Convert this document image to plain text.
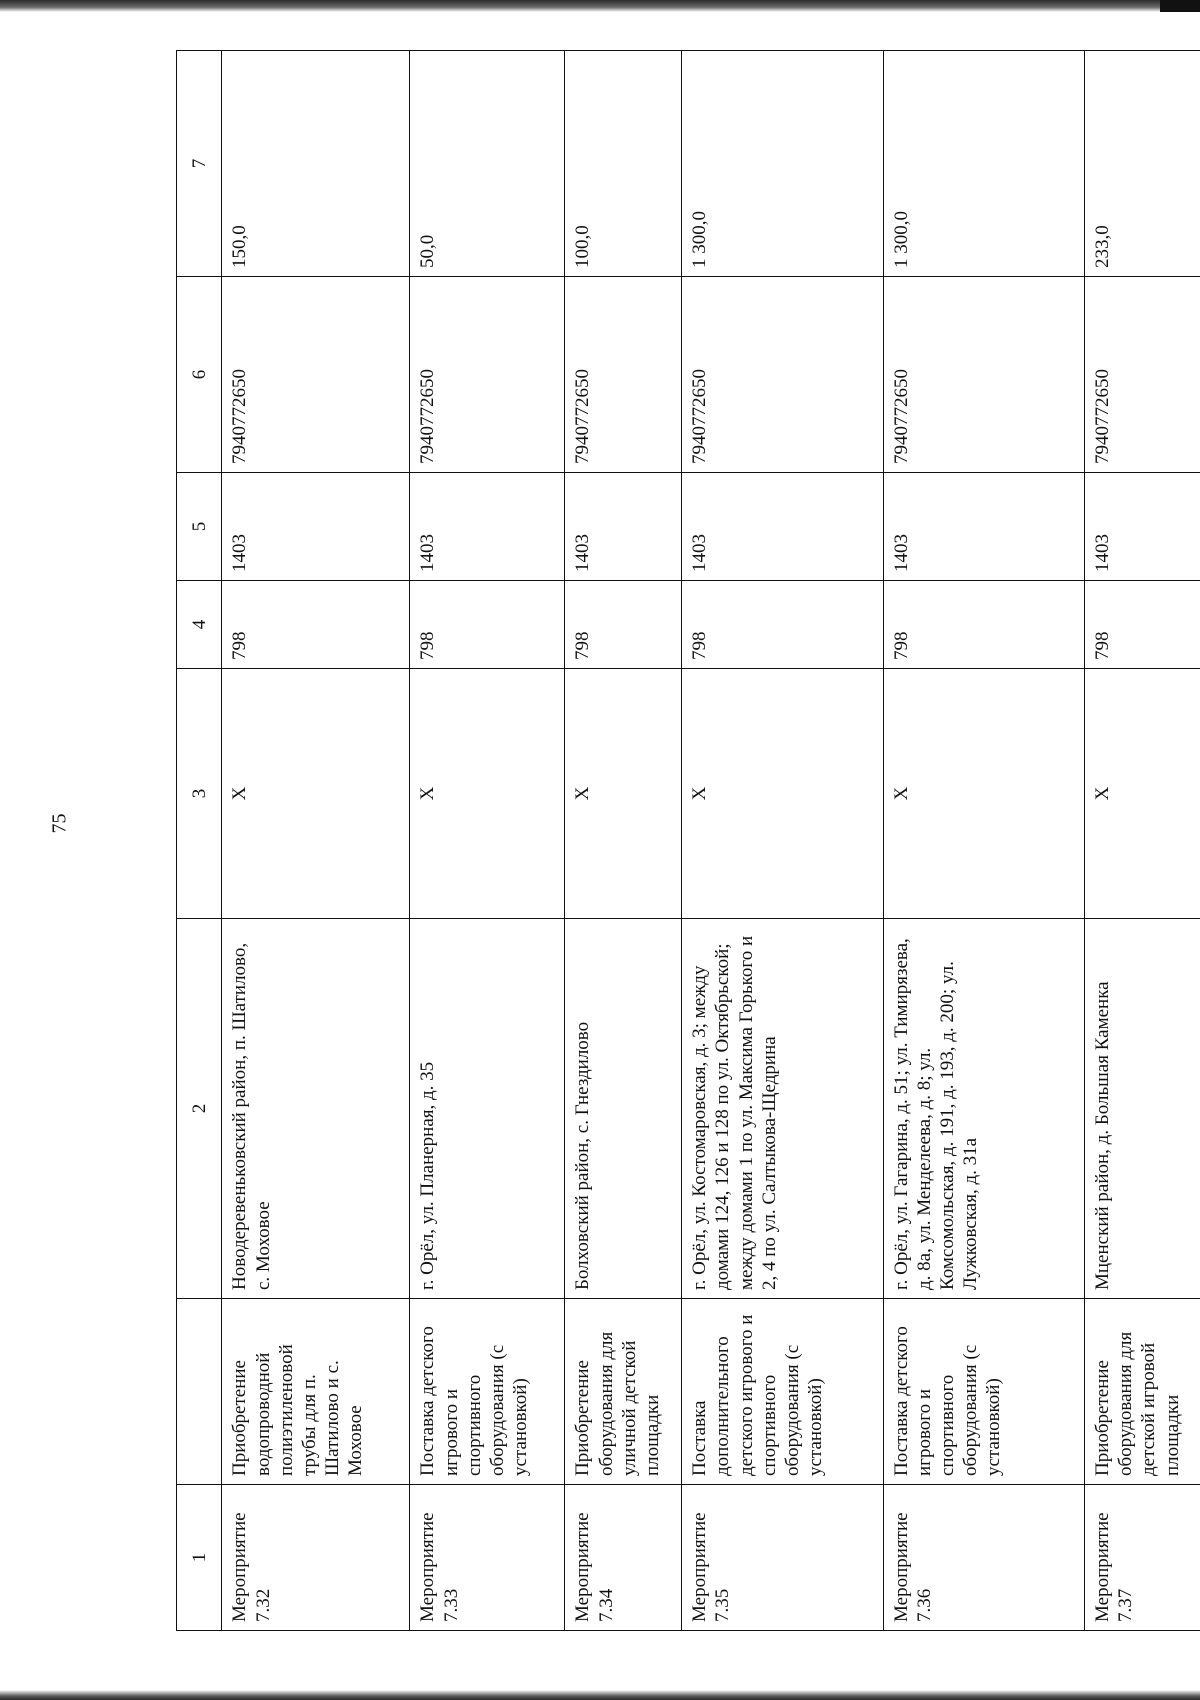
75
1		2	3	4	5	6	7
Мероприятие 7.32	Приобретение водопроводной полиэтиленовой трубы для п. Шатилово и с. Моховое	Новодеревеньковский район, п. Шатилово, с. Моховое	Х	798	1403	7940772650	150,0
Мероприятие 7.33	Поставка детского игрового и спортивного оборудования (с установкой)	г. Орёл, ул. Планерная, д. 35	Х	798	1403	7940772650	50,0
Мероприятие 7.34	Приобретение оборудования для уличной детской площадки	Болховский район, с. Гнездилово	Х	798	1403	7940772650	100,0
Мероприятие 7.35	Поставка дополнительного детского игрового и спортивного оборудования (с установкой)	г. Орёл, ул. Костомаровская, д. 3; между домами 124, 126 и 128 по ул. Октябрьской; между домами 1 по ул. Максима Горького и 2, 4 по ул. Салтыкова-Щедрина	Х	798	1403	7940772650	1 300,0
Мероприятие 7.36	Поставка детского игрового и спортивного оборудования (с установкой)	г. Орёл, ул. Гагарина, д. 51; ул. Тимирязева, д. 8а, ул. Менделеева, д. 8; ул. Комсомольская, д. 191, д. 193, д. 200; ул. Лужковская, д. 31а	Х	798	1403	7940772650	1 300,0
Мероприятие 7.37	Приобретение оборудования для детской игровой площадки	Мценский район, д. Большая Каменка	Х	798	1403	7940772650	233,0
